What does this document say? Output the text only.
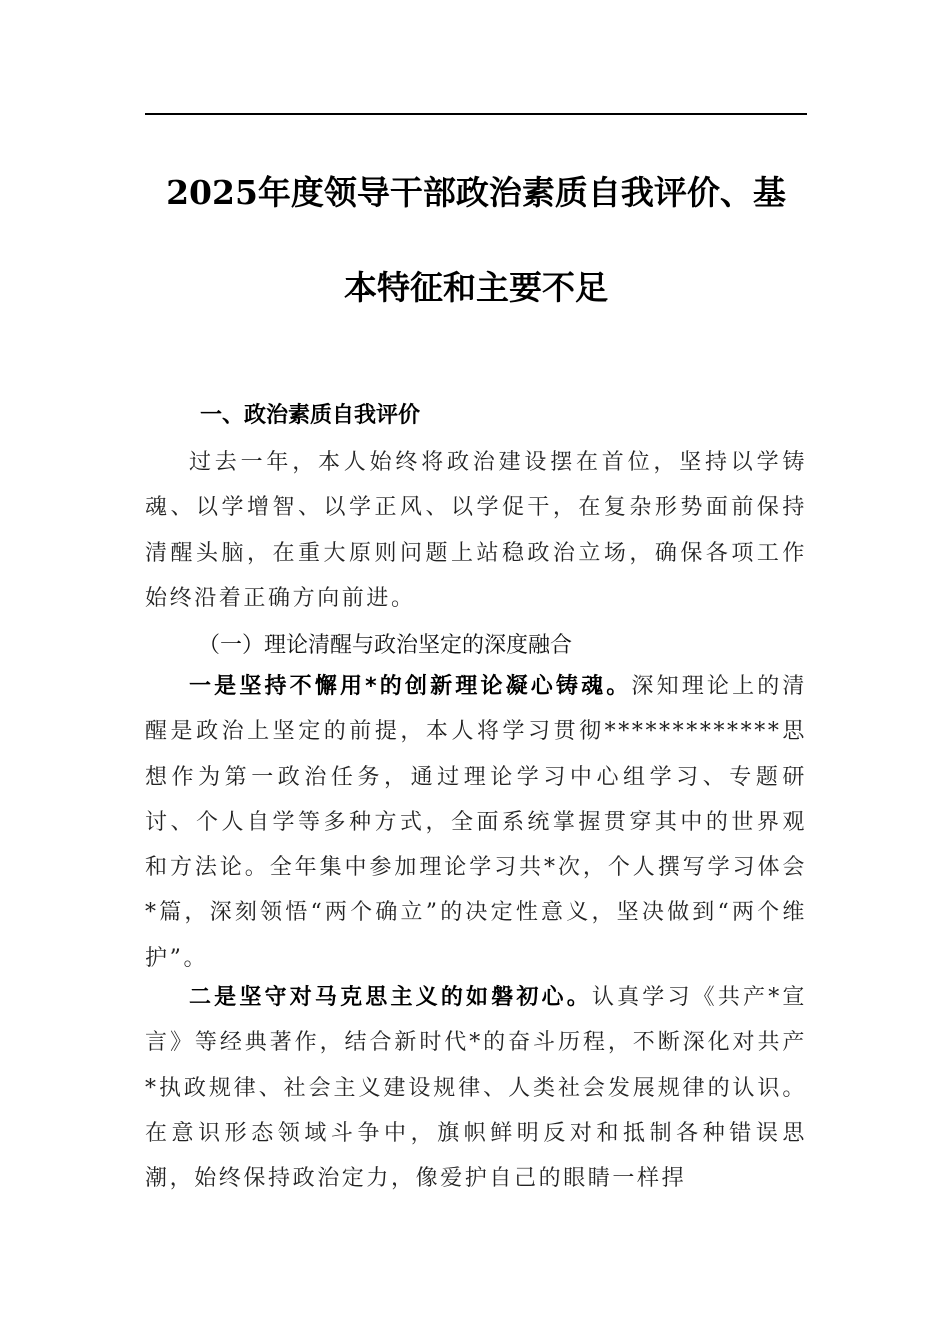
2025年度领导干部政治素质自我评价、基
本特征和主要不足
一、政治素质自我评价

过去一年，本人始终将政治建设摆在首位，坚持以学铸魂、以学增智、以学正风、以学促干，在复杂形势面前保持清醒头脑，在重大原则问题上站稳政治立场，确保各项工作始终沿着正确方向前进。

（一）理论清醒与政治坚定的深度融合

一是坚持不懈用*的创新理论凝心铸魂。深知理论上的清醒是政治上坚定的前提，本人将学习贯彻*************思想作为第一政治任务，通过理论学习中心组学习、专题研讨、个人自学等多种方式，全面系统掌握贯穿其中的世界观和方法论。全年集中参加理论学习共*次，个人撰写学习体会*篇，深刻领悟“两个确立”的决定性意义，坚决做到“两个维护”。

二是坚守对马克思主义的如磐初心。认真学习《共产*宣言》等经典著作，结合新时代*的奋斗历程，不断深化对共产*执政规律、社会主义建设规律、人类社会发展规律的认识。在意识形态领域斗争中，旗帜鲜明反对和抵制各种错误思潮，始终保持政治定力，像爱护自己的眼睛一样捍
